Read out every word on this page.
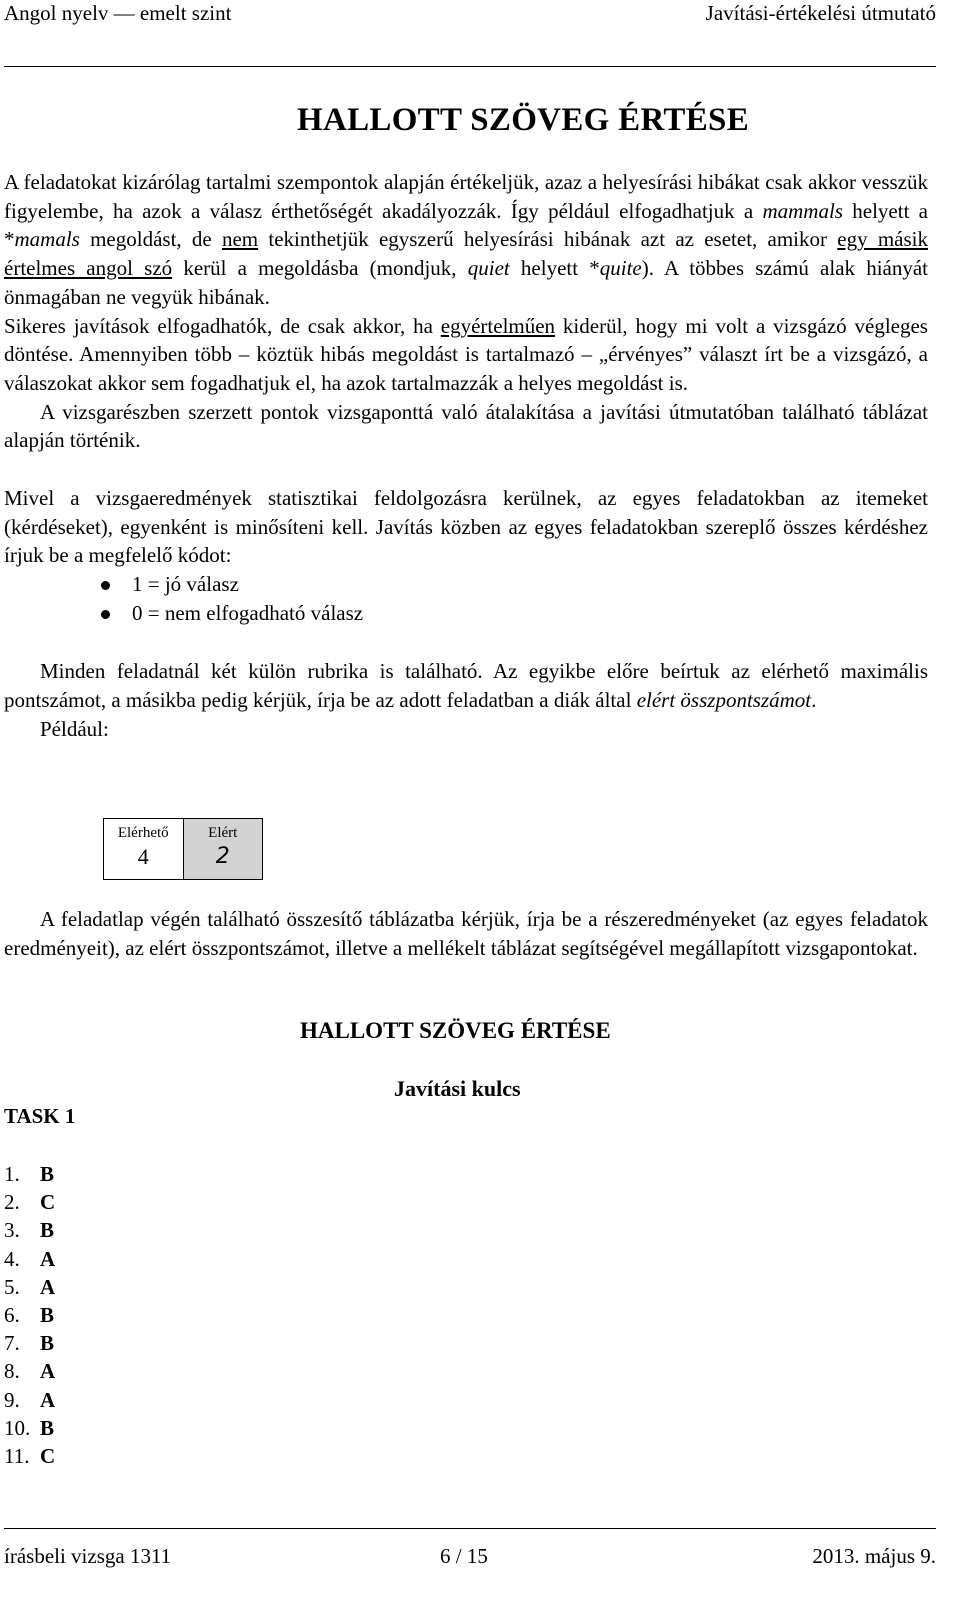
Angol nyelv — emelt szint	Javítási-értékelési útmutató
HALLOTT SZÖVEG ÉRTÉSE

A feladatokat kizárólag tartalmi szempontok alapján értékeljük, azaz a helyesírási hibákat csak akkor vesszük figyelembe, ha azok a válasz érthetőségét akadályozzák. Így például elfogadhatjuk a mammals helyett a *mamals megoldást, de nem tekinthetjük egyszerű helyesírási hibának azt az esetet, amikor egy másik értelmes angol szó kerül a megoldásba (mondjuk, quiet helyett *quite). A többes számú alak hiányát önmagában ne vegyük hibának.

Sikeres javítások elfogadhatók, de csak akkor, ha egyértelműen kiderül, hogy mi volt a vizsgázó végleges döntése. Amennyiben több – köztük hibás megoldást is tartalmazó – „érvényes” választ írt be a vizsgázó, a válaszokat akkor sem fogadhatjuk el, ha azok tartalmazzák a helyes megoldást is.

A vizsgarészben szerzett pontok vizsgaponttá való átalakítása a javítási útmutatóban található táblázat alapján történik.

Mivel a vizsgaeredmények statisztikai feldolgozásra kerülnek, az egyes feladatokban az itemeket (kérdéseket), egyenként is minősíteni kell. Javítás közben az egyes feladatokban szereplő összes kérdéshez írjuk be a megfelelő kódot:

1 = jó válasz
0 = nem elfogadható válasz

Minden feladatnál két külön rubrika is található. Az egyikbe előre beírtuk az elérhető maximális pontszámot, a másikba pedig kérjük, írja be az adott feladatban a diák által elért összpontszámot.

Például:

Elérhető
4
Elért
2

A feladatlap végén található összesítő táblázatba kérjük, írja be a részeredményeket (az egyes feladatok eredményeit), az elért összpontszámot, illetve a mellékelt táblázat segítségével megállapított vizsgapontokat.

HALLOTT SZÖVEG ÉRTÉSE
Javítási kulcs
TASK 1
1. B
2. C
3. B
4. A
5. A
6. B
7. B
8. A
9. A
10. B
11. C
írásbeli vizsga 1311	6 / 15	2013. május 9.
